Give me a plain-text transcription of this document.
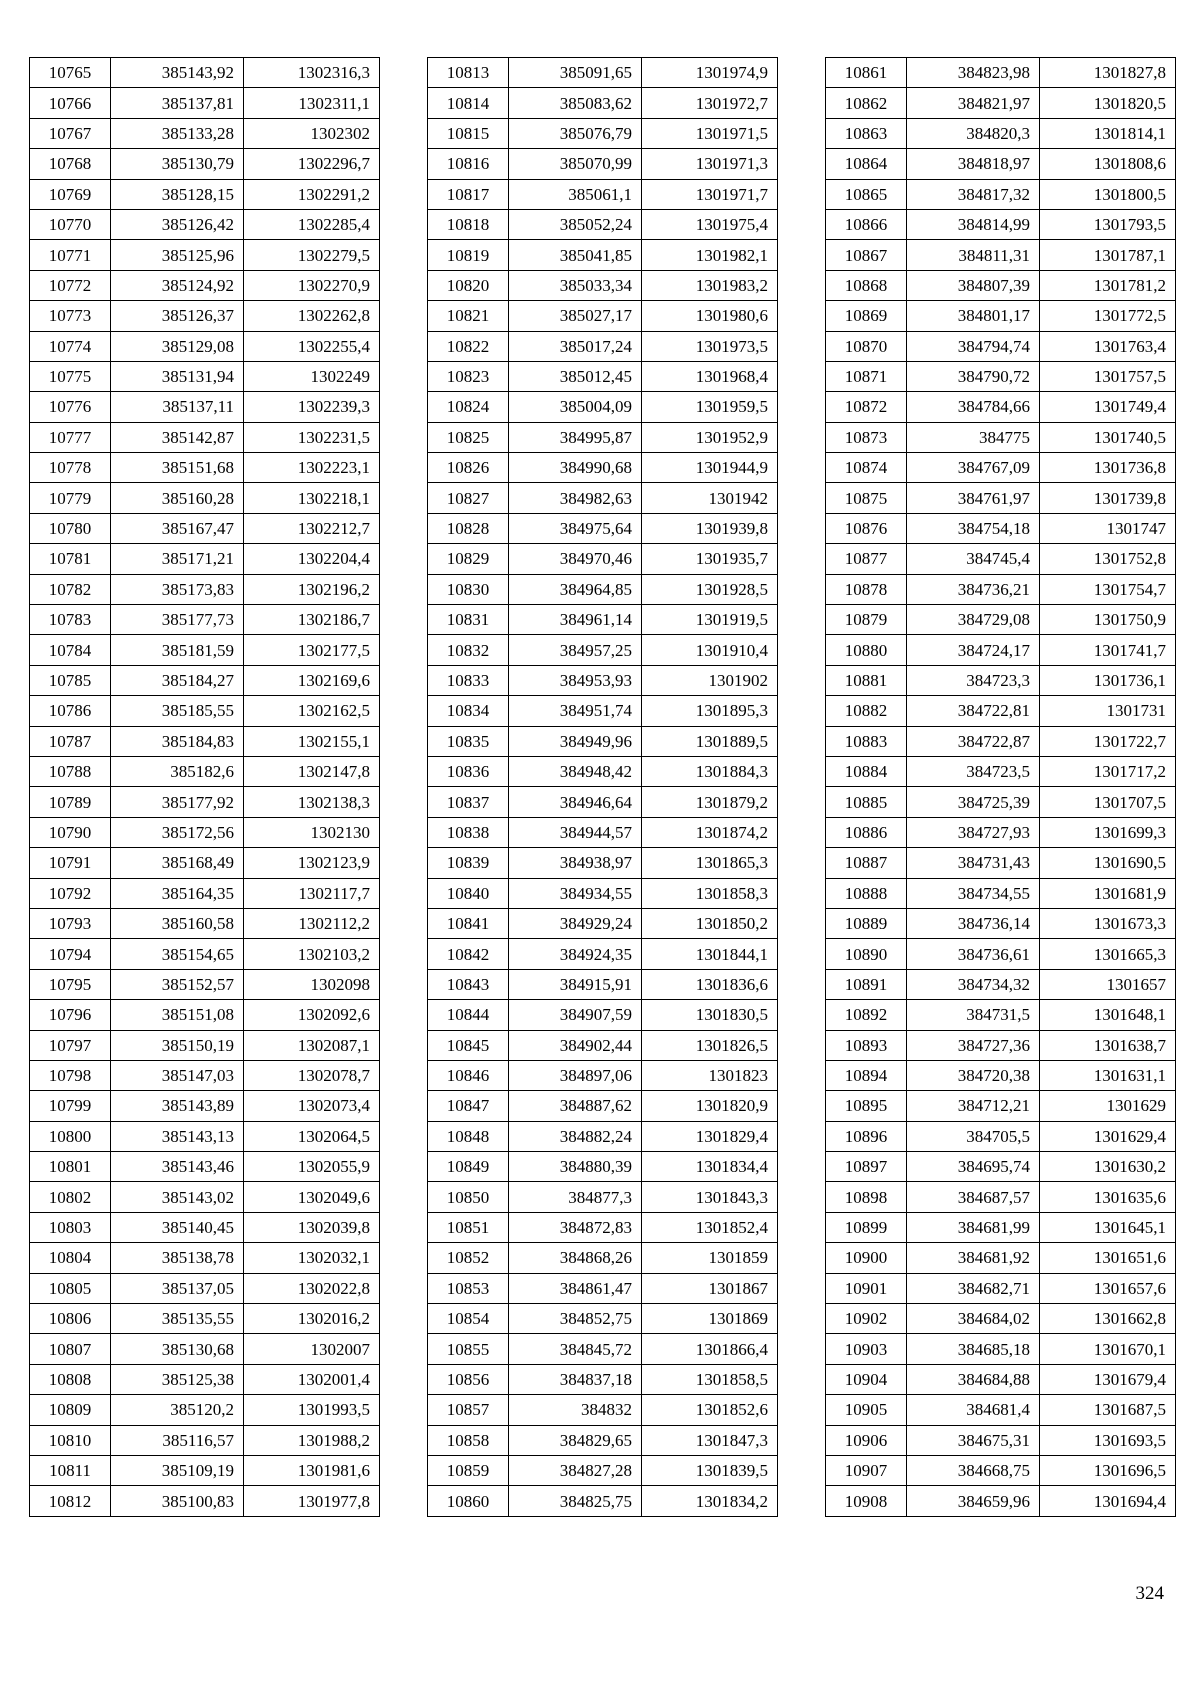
10765	385143,92	1302316,3
10766	385137,81	1302311,1
10767	385133,28	1302302
10768	385130,79	1302296,7
10769	385128,15	1302291,2
10770	385126,42	1302285,4
10771	385125,96	1302279,5
10772	385124,92	1302270,9
10773	385126,37	1302262,8
10774	385129,08	1302255,4
10775	385131,94	1302249
10776	385137,11	1302239,3
10777	385142,87	1302231,5
10778	385151,68	1302223,1
10779	385160,28	1302218,1
10780	385167,47	1302212,7
10781	385171,21	1302204,4
10782	385173,83	1302196,2
10783	385177,73	1302186,7
10784	385181,59	1302177,5
10785	385184,27	1302169,6
10786	385185,55	1302162,5
10787	385184,83	1302155,1
10788	385182,6	1302147,8
10789	385177,92	1302138,3
10790	385172,56	1302130
10791	385168,49	1302123,9
10792	385164,35	1302117,7
10793	385160,58	1302112,2
10794	385154,65	1302103,2
10795	385152,57	1302098
10796	385151,08	1302092,6
10797	385150,19	1302087,1
10798	385147,03	1302078,7
10799	385143,89	1302073,4
10800	385143,13	1302064,5
10801	385143,46	1302055,9
10802	385143,02	1302049,6
10803	385140,45	1302039,8
10804	385138,78	1302032,1
10805	385137,05	1302022,8
10806	385135,55	1302016,2
10807	385130,68	1302007
10808	385125,38	1302001,4
10809	385120,2	1301993,5
10810	385116,57	1301988,2
10811	385109,19	1301981,6
10812	385100,83	1301977,8
10813	385091,65	1301974,9
10814	385083,62	1301972,7
10815	385076,79	1301971,5
10816	385070,99	1301971,3
10817	385061,1	1301971,7
10818	385052,24	1301975,4
10819	385041,85	1301982,1
10820	385033,34	1301983,2
10821	385027,17	1301980,6
10822	385017,24	1301973,5
10823	385012,45	1301968,4
10824	385004,09	1301959,5
10825	384995,87	1301952,9
10826	384990,68	1301944,9
10827	384982,63	1301942
10828	384975,64	1301939,8
10829	384970,46	1301935,7
10830	384964,85	1301928,5
10831	384961,14	1301919,5
10832	384957,25	1301910,4
10833	384953,93	1301902
10834	384951,74	1301895,3
10835	384949,96	1301889,5
10836	384948,42	1301884,3
10837	384946,64	1301879,2
10838	384944,57	1301874,2
10839	384938,97	1301865,3
10840	384934,55	1301858,3
10841	384929,24	1301850,2
10842	384924,35	1301844,1
10843	384915,91	1301836,6
10844	384907,59	1301830,5
10845	384902,44	1301826,5
10846	384897,06	1301823
10847	384887,62	1301820,9
10848	384882,24	1301829,4
10849	384880,39	1301834,4
10850	384877,3	1301843,3
10851	384872,83	1301852,4
10852	384868,26	1301859
10853	384861,47	1301867
10854	384852,75	1301869
10855	384845,72	1301866,4
10856	384837,18	1301858,5
10857	384832	1301852,6
10858	384829,65	1301847,3
10859	384827,28	1301839,5
10860	384825,75	1301834,2
10861	384823,98	1301827,8
10862	384821,97	1301820,5
10863	384820,3	1301814,1
10864	384818,97	1301808,6
10865	384817,32	1301800,5
10866	384814,99	1301793,5
10867	384811,31	1301787,1
10868	384807,39	1301781,2
10869	384801,17	1301772,5
10870	384794,74	1301763,4
10871	384790,72	1301757,5
10872	384784,66	1301749,4
10873	384775	1301740,5
10874	384767,09	1301736,8
10875	384761,97	1301739,8
10876	384754,18	1301747
10877	384745,4	1301752,8
10878	384736,21	1301754,7
10879	384729,08	1301750,9
10880	384724,17	1301741,7
10881	384723,3	1301736,1
10882	384722,81	1301731
10883	384722,87	1301722,7
10884	384723,5	1301717,2
10885	384725,39	1301707,5
10886	384727,93	1301699,3
10887	384731,43	1301690,5
10888	384734,55	1301681,9
10889	384736,14	1301673,3
10890	384736,61	1301665,3
10891	384734,32	1301657
10892	384731,5	1301648,1
10893	384727,36	1301638,7
10894	384720,38	1301631,1
10895	384712,21	1301629
10896	384705,5	1301629,4
10897	384695,74	1301630,2
10898	384687,57	1301635,6
10899	384681,99	1301645,1
10900	384681,92	1301651,6
10901	384682,71	1301657,6
10902	384684,02	1301662,8
10903	384685,18	1301670,1
10904	384684,88	1301679,4
10905	384681,4	1301687,5
10906	384675,31	1301693,5
10907	384668,75	1301696,5
10908	384659,96	1301694,4
324
